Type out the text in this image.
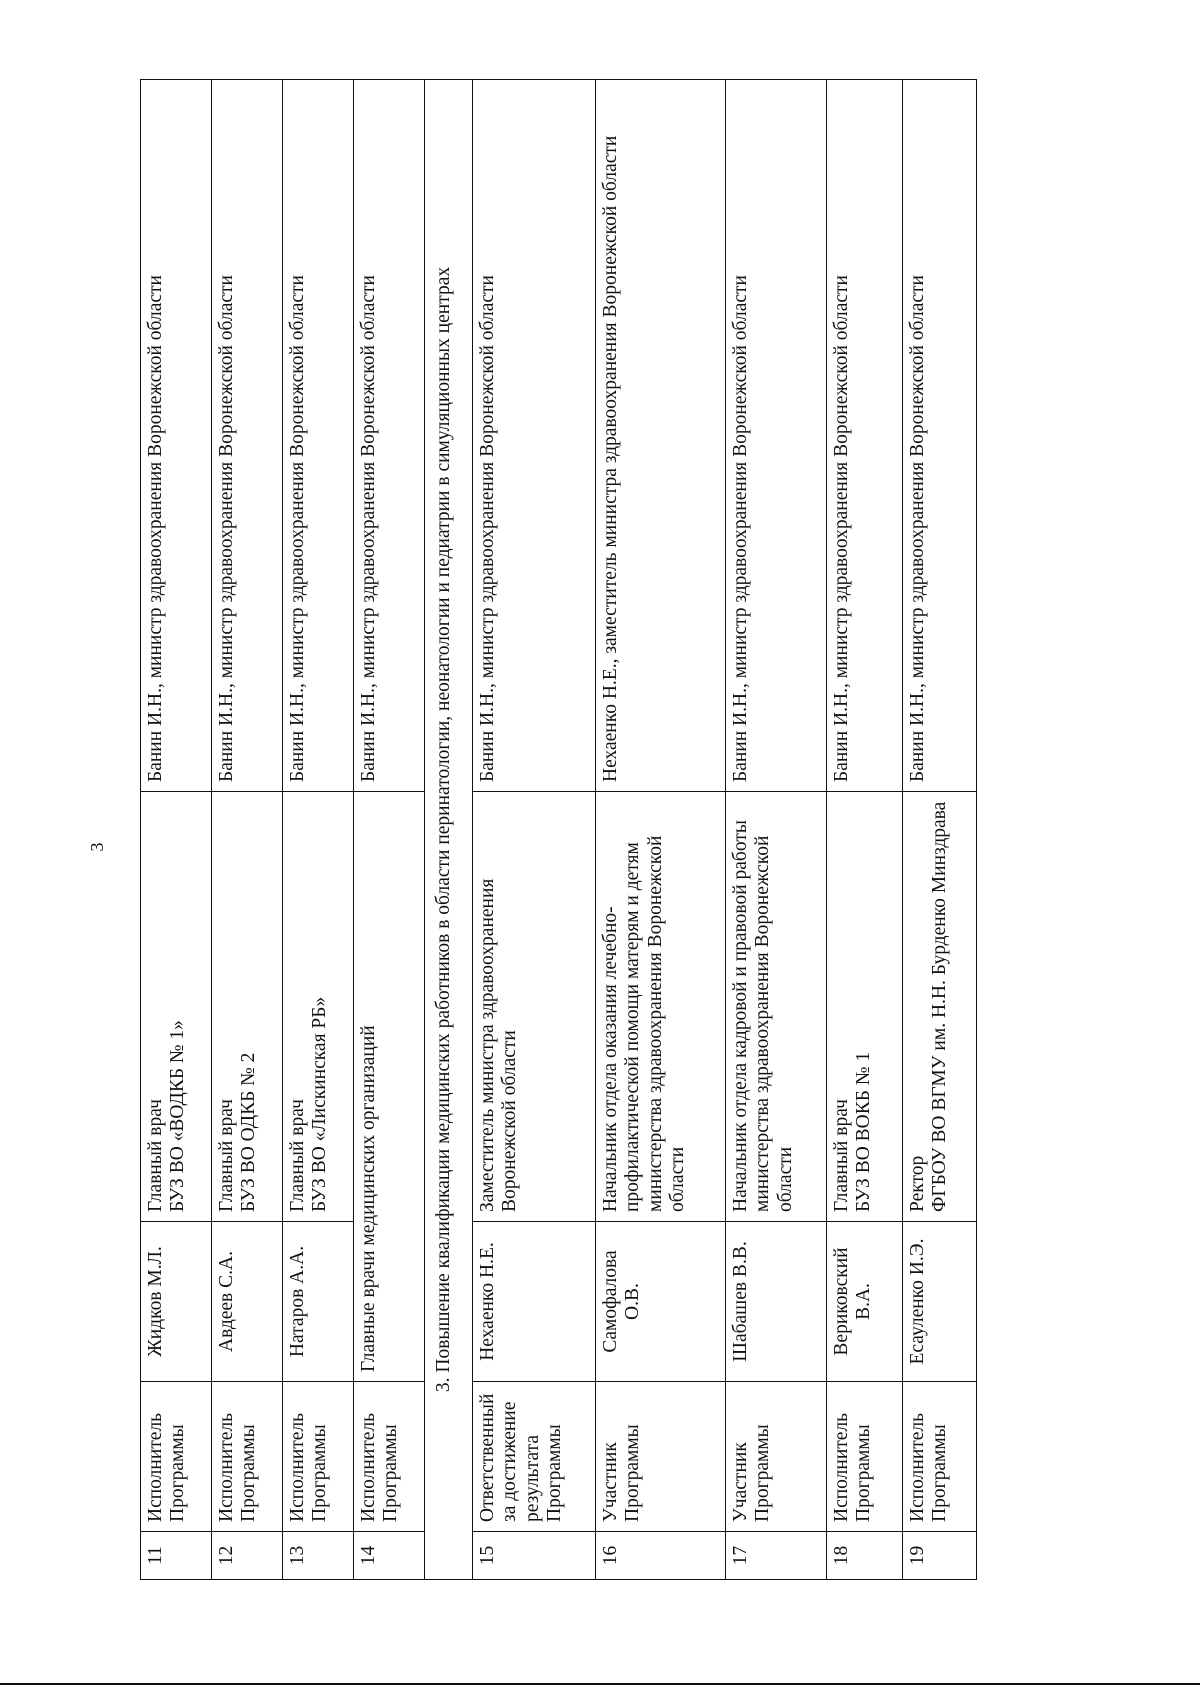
3
11	Исполнитель Программы	Жидков М.Л.	Главный врач
БУЗ ВО «ВОДКБ № 1»	Банин И.Н., министр здравоохранения Воронежской области
12	Исполнитель Программы	Авдеев С.А.	Главный врач
БУЗ ВО ОДКБ № 2	Банин И.Н., министр здравоохранения Воронежской области
13	Исполнитель Программы	Натаров А.А.	Главный врач
БУЗ ВО «Лискинская РБ»	Банин И.Н., министр здравоохранения Воронежской области
14	Исполнитель Программы	Главные врачи медицинских организаций		Банин И.Н., министр здравоохранения Воронежской области
3. Повышение квалификации медицинских работников в области перинатологии, неонатологии и педиатрии в симуляционных центрах				
15	Ответственный за достижение результата Программы	Нехаенко Н.Е.	Заместитель министра здравоохранения Воронежской области	Банин И.Н., министр здравоохранения Воронежской области
16	Участник Программы	Самофалова О.В.	Начальник отдела оказания лечебно-профилактической помощи матерям и детям министерства здравоохранения Воронежской области	Нехаенко Н.Е., заместитель министра здравоохранения Воронежской области
17	Участник Программы	Шабашев В.В.	Начальник отдела кадровой и правовой работы министерства здравоохранения Воронежской области	Банин И.Н., министр здравоохранения Воронежской области
18	Исполнитель Программы	Вериковский В.А.	Главный врач
БУЗ ВО ВОКБ № 1	Банин И.Н., министр здравоохранения Воронежской области
19	Исполнитель Программы	Есауленко И.Э.	Ректор
ФГБОУ ВО ВГМУ им. Н.Н. Бурденко Минздрава	Банин И.Н., министр здравоохранения Воронежской области
